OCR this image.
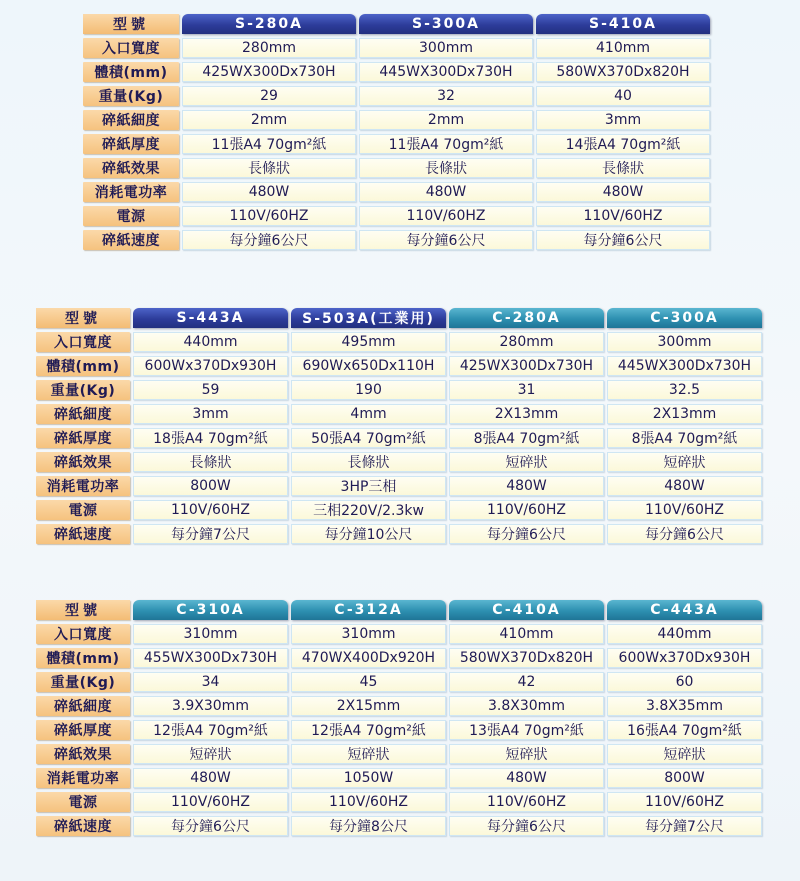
型號	S-280A	S-300A	S-410A
入口寬度	280mm	300mm	410mm
體積(mm)	425WX300Dx730H	445WX300Dx730H	580WX370Dx820H
重量(Kg)	29	32	40
碎紙細度	2mm	2mm	3mm
碎紙厚度	11張A4 70gm²紙	11張A4 70gm²紙	14張A4 70gm²紙
碎紙效果	長條狀	長條狀	長條狀
消耗電功率	480W	480W	480W
電源	110V/60HZ	110V/60HZ	110V/60HZ
碎紙速度	每分鐘6公尺	每分鐘6公尺	每分鐘6公尺
型號	S-443A	S-503A(工業用)	C-280A	C-300A
入口寬度	440mm	495mm	280mm	300mm
體積(mm)	600Wx370Dx930H	690Wx650Dx110H	425WX300Dx730H	445WX300Dx730H
重量(Kg)	59	190	31	32.5
碎紙細度	3mm	4mm	2X13mm	2X13mm
碎紙厚度	18張A4 70gm²紙	50張A4 70gm²紙	8張A4 70gm²紙	8張A4 70gm²紙
碎紙效果	長條狀	長條狀	短碎狀	短碎狀
消耗電功率	800W	3HP三相	480W	480W
電源	110V/60HZ	三相220V/2.3kw	110V/60HZ	110V/60HZ
碎紙速度	每分鐘7公尺	每分鐘10公尺	每分鐘6公尺	每分鐘6公尺
型號	C-310A	C-312A	C-410A	C-443A
入口寬度	310mm	310mm	410mm	440mm
體積(mm)	455WX300Dx730H	470WX400Dx920H	580WX370Dx820H	600Wx370Dx930H
重量(Kg)	34	45	42	60
碎紙細度	3.9X30mm	2X15mm	3.8X30mm	3.8X35mm
碎紙厚度	12張A4 70gm²紙	12張A4 70gm²紙	13張A4 70gm²紙	16張A4 70gm²紙
碎紙效果	短碎狀	短碎狀	短碎狀	短碎狀
消耗電功率	480W	1050W	480W	800W
電源	110V/60HZ	110V/60HZ	110V/60HZ	110V/60HZ
碎紙速度	每分鐘6公尺	每分鐘8公尺	每分鐘6公尺	每分鐘7公尺
